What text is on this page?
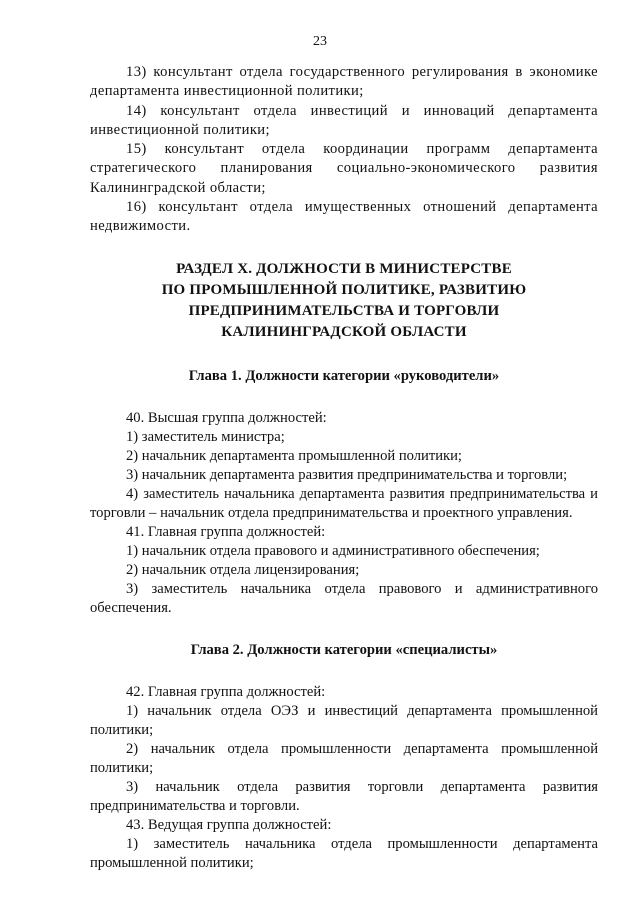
23

13) консультант отдела государственного регулирования в экономике департамента инвестиционной политики;

14) консультант отдела инвестиций и инноваций департамента инвестиционной политики;

15) консультант отдела координации программ департамента стратегического планирования социально-экономического развития Калининградской области;

16) консультант отдела имущественных отношений департамента недвижимости.

РАЗДЕЛ X. ДОЛЖНОСТИ В МИНИСТЕРСТВЕ

ПО ПРОМЫШЛЕННОЙ ПОЛИТИКЕ, РАЗВИТИЮ

ПРЕДПРИНИМАТЕЛЬСТВА И ТОРГОВЛИ

КАЛИНИНГРАДСКОЙ ОБЛАСТИ

Глава 1. Должности категории «руководители»

40. Высшая группа должностей:

1) заместитель министра;

2) начальник департамента промышленной политики;

3) начальник департамента развития предпринимательства и торговли;

4) заместитель начальника департамента развития предпринимательства и торговли – начальник отдела предпринимательства и проектного управления.

41. Главная группа должностей:

1) начальник отдела правового и административного обеспечения;

2) начальник отдела лицензирования;

3) заместитель начальника отдела правового и административного обеспечения.

Глава 2. Должности категории «специалисты»

42. Главная группа должностей:

1) начальник отдела ОЭЗ и инвестиций департамента промышленной политики;

2) начальник отдела промышленности департамента промышленной политики;

3) начальник отдела развития торговли департамента развития предпринимательства и торговли.

43. Ведущая группа должностей:

1) заместитель начальника отдела промышленности департамента промышленной политики;
